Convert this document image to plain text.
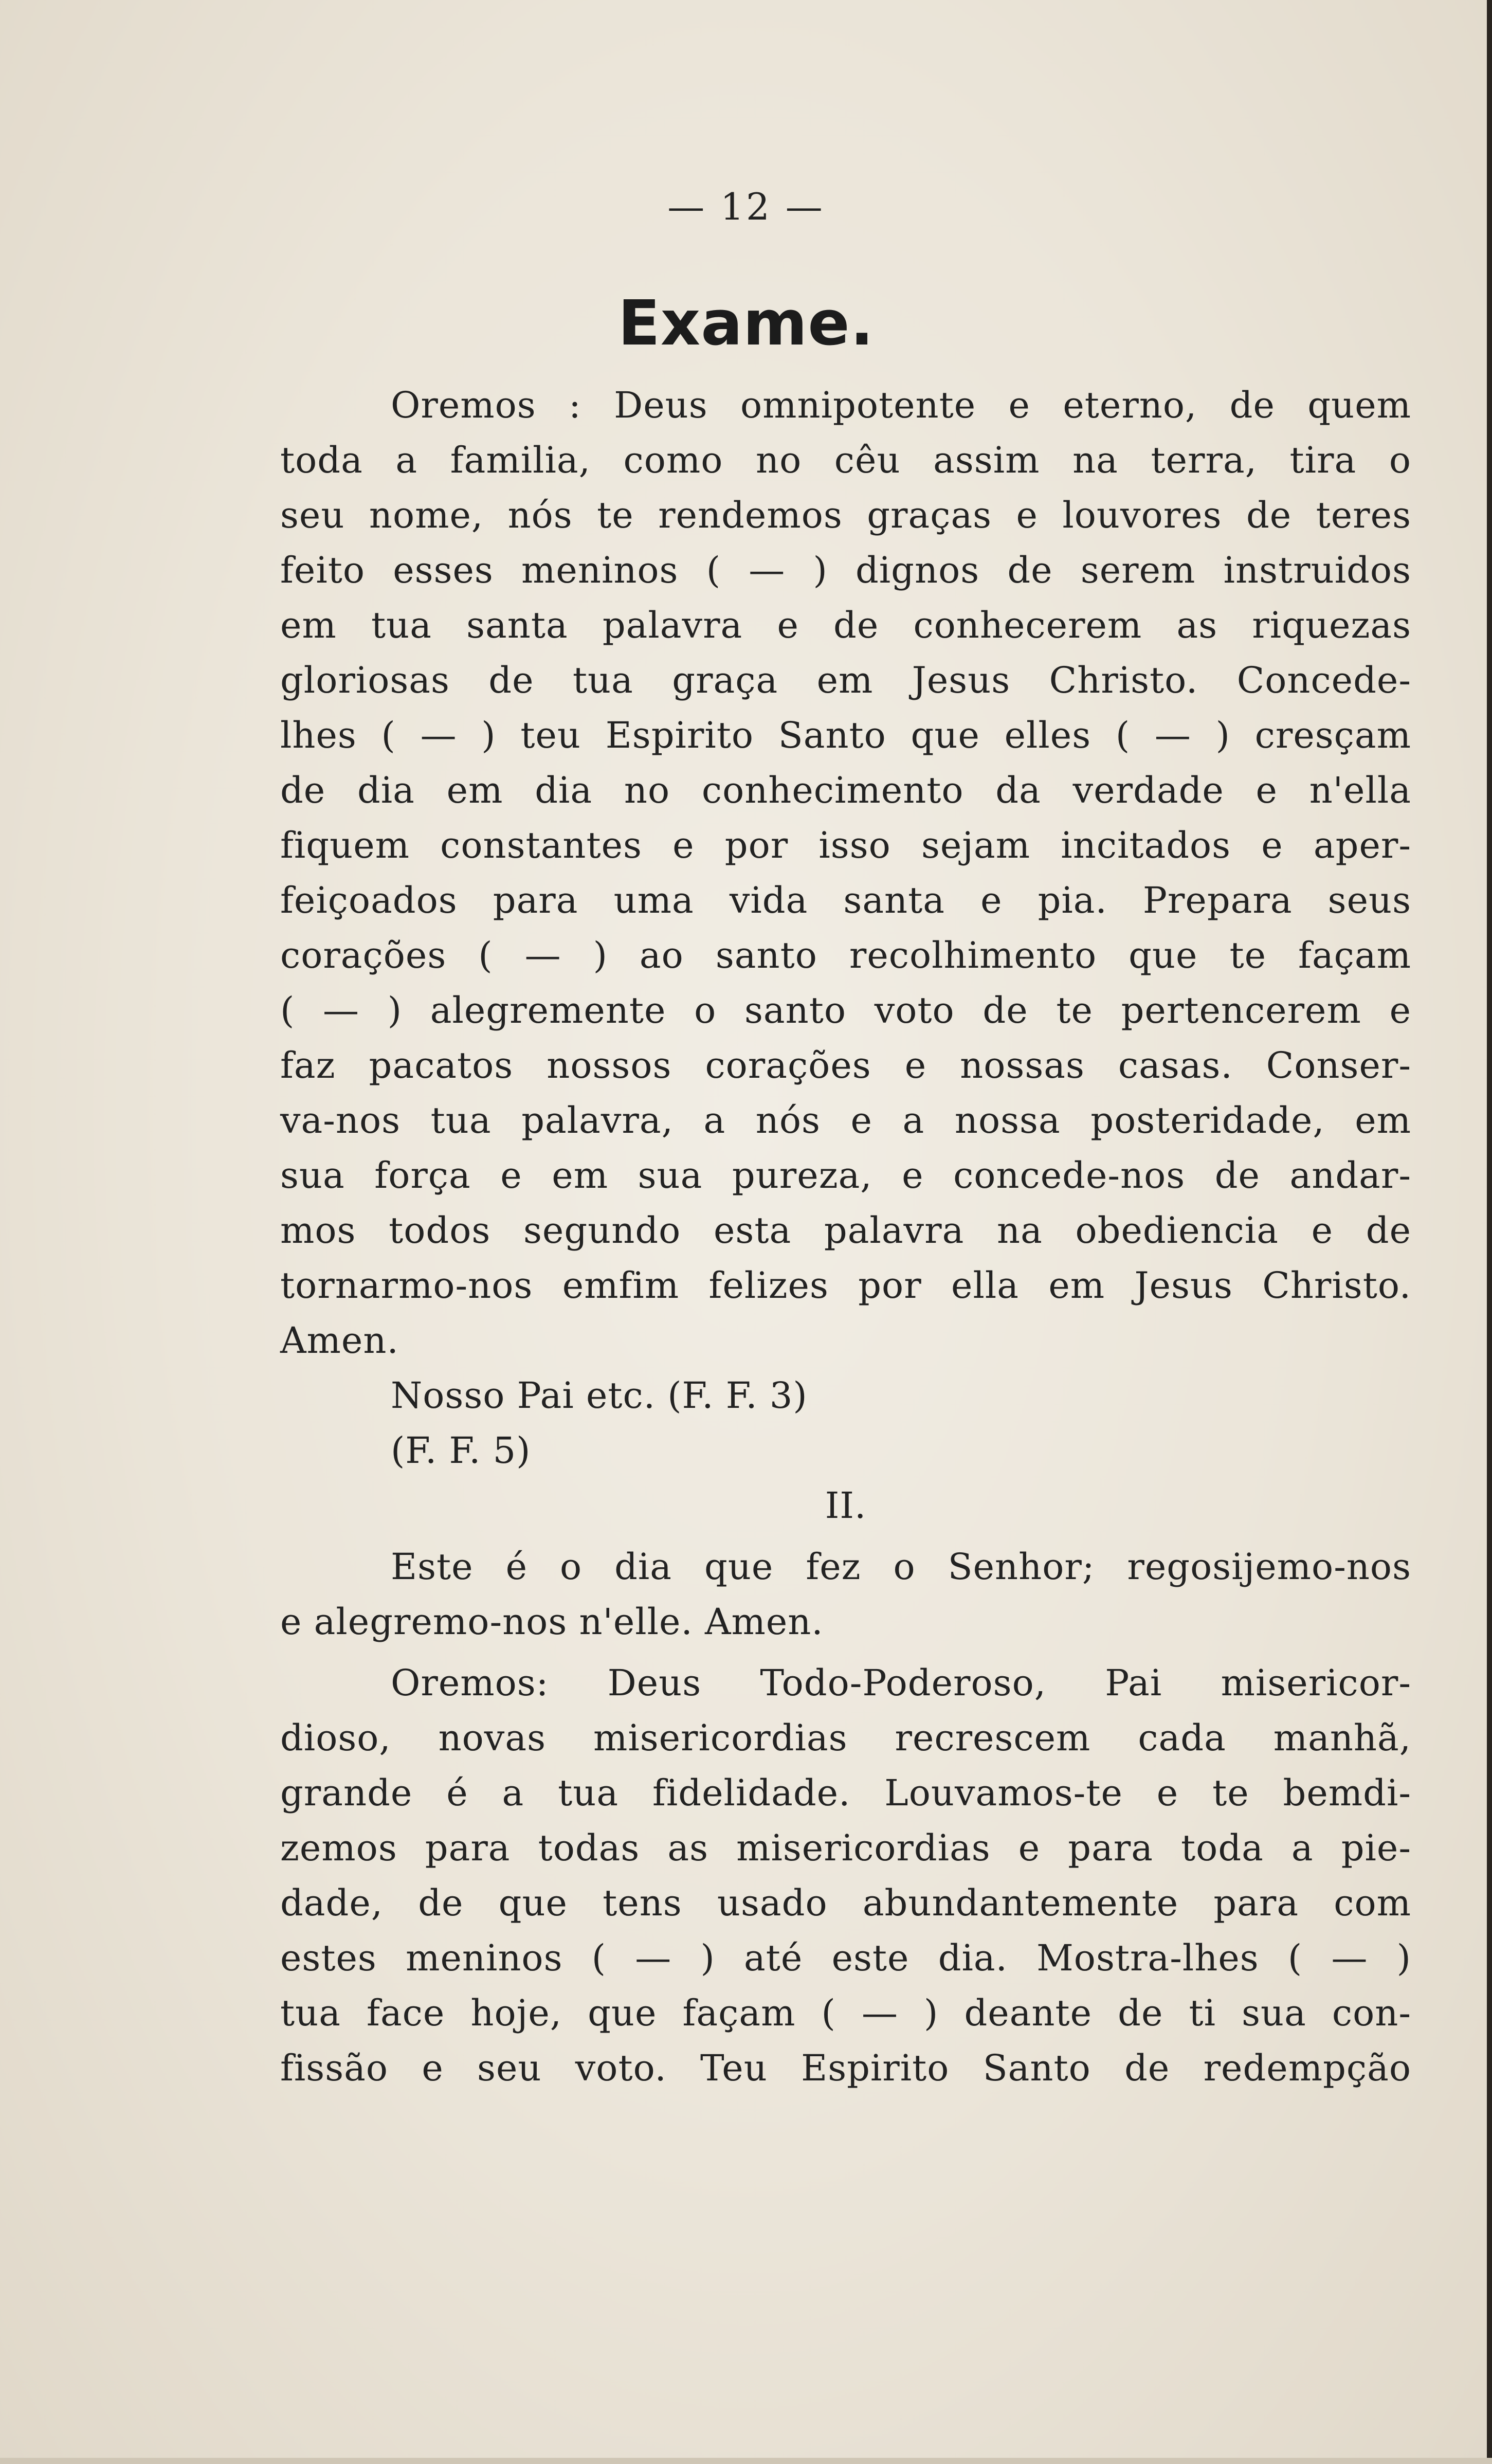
— 12 —
Exame.
Oremos : Deus omnipotente e eterno, de quem
toda a familia, como no cêu assim na terra, tira o
seu nome, nós te rendemos graças e louvores de teres
feito esses meninos ( — ) dignos de serem instruidos
em tua santa palavra e de conhecerem as riquezas
gloriosas de tua graça em Jesus Christo. Concede-
lhes ( — ) teu Espirito Santo que elles ( — ) cresçam
de dia em dia no conhecimento da verdade e n'ella
fiquem constantes e por isso sejam incitados e aper-
feiçoados para uma vida santa e pia. Prepara seus
corações ( — ) ao santo recolhimento que te façam
( — ) alegremente o santo voto de te pertencerem e
faz pacatos nossos corações e nossas casas. Conser-
va-nos tua palavra, a nós e a nossa posteridade, em
sua força e em sua pureza, e concede-nos de andar-
mos todos segundo esta palavra na obediencia e de
tornarmo-nos emfim felizes por ella em Jesus Christo.
Amen.
Nosso Pai etc. (F. F. 3)
(F. F. 5)
II.
Este é o dia que fez o Senhor; regosijemo-nos
e alegremo-nos n'elle. Amen.
Oremos: Deus Todo-Poderoso, Pai misericor-
dioso, novas misericordias recrescem cada manhã,
grande é a tua fidelidade. Louvamos-te e te bemdi-
zemos para todas as misericordias e para toda a pie-
dade, de que tens usado abundantemente para com
estes meninos ( — ) até este dia. Mostra-lhes ( — )
tua face hoje, que façam ( — ) deante de ti sua con-
fissão e seu voto. Teu Espirito Santo de redempção
